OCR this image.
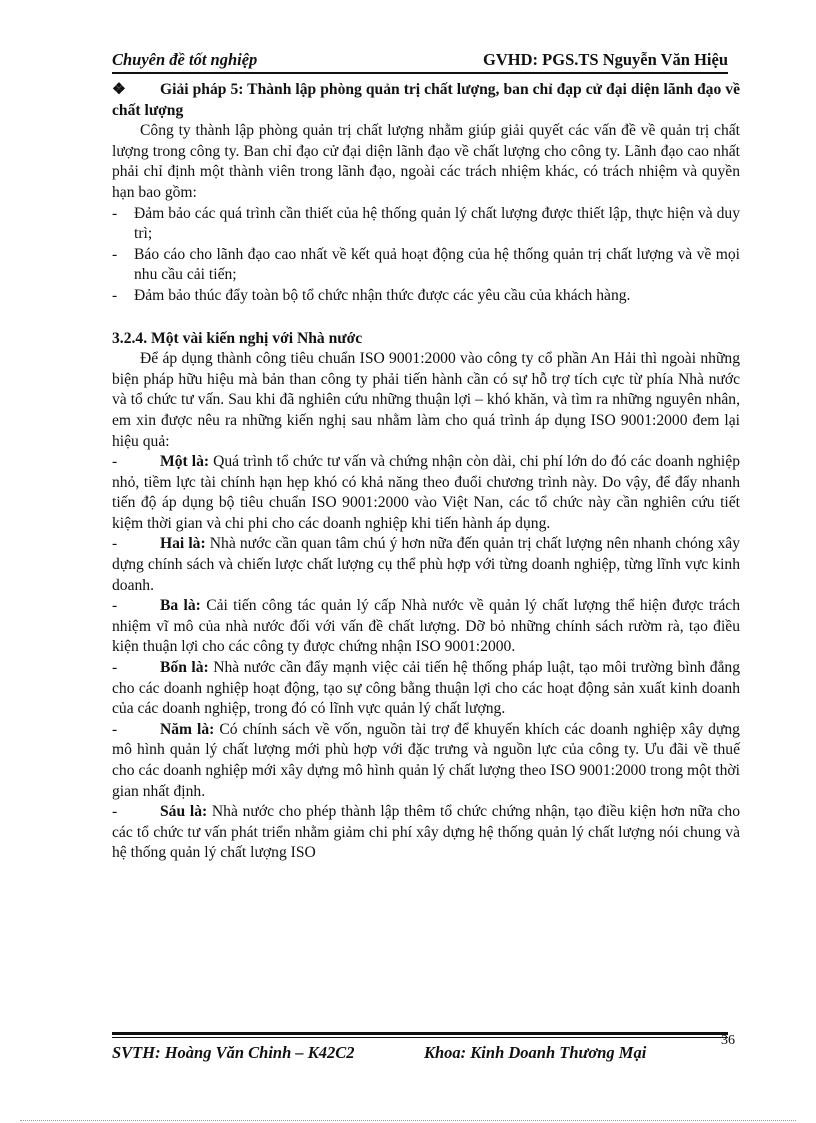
Chuyên đề tốt nghiệp	GVHD: PGS.TS Nguyễn Văn Hiệu

❖ Giải pháp 5: Thành lập phòng quản trị chất lượng, ban chỉ đạp cử đại diện lãnh đạo về chất lượng

Công ty thành lập phòng quản trị chất lượng nhằm giúp giải quyết các vấn đề về quản trị chất lượng trong công ty. Ban chỉ đạo cử đại diện lãnh đạo về chất lượng cho công ty. Lãnh đạo cao nhất phải chỉ định một thành viên trong lãnh đạo, ngoài các trách nhiệm khác, có trách nhiệm và quyền hạn bao gồm:

-	Đảm bảo các quá trình cần thiết của hệ thống quản lý chất lượng được thiết lập, thực hiện và duy trì;
-	Báo cáo cho lãnh đạo cao nhất về kết quả hoạt động của hệ thống quản trị chất lượng và về mọi nhu cầu cải tiến;
-	Đảm bảo thúc đẩy toàn bộ tổ chức nhận thức được các yêu cầu của khách hàng.

3.2.4. Một vài kiến nghị với Nhà nước

Để áp dụng thành công tiêu chuẩn ISO 9001:2000 vào công ty cổ phần An Hải thì ngoài những biện pháp hữu hiệu mà bản than công ty phải tiến hành cần có sự hỗ trợ tích cực từ phía Nhà nước và tổ chức tư vấn. Sau khi đã nghiên cứu những thuận lợi – khó khăn, và tìm ra những nguyên nhân, em xin được nêu ra những kiến nghị sau nhằm làm cho quá trình áp dụng ISO 9001:2000 đem lại hiệu quả:

-	Một là: Quá trình tổ chức tư vấn và chứng nhận còn dài, chi phí lớn do đó các doanh nghiệp nhỏ, tiềm lực tài chính hạn hẹp khó có khả năng theo đuổi chương trình này. Do vậy, để đẩy nhanh tiến độ áp dụng bộ tiêu chuẩn ISO 9001:2000 vào Việt Nan, các tổ chức này cần nghiên cứu tiết kiệm thời gian và chi phi cho các doanh nghiệp khi tiến hành áp dụng.

-	Hai là: Nhà nước cần quan tâm chú ý hơn nữa đến quản trị chất lượng nên nhanh chóng xây dựng chính sách và chiến lược chất lượng cụ thể phù hợp với từng doanh nghiệp, từng lĩnh vực kinh doanh.

-	Ba là: Cải tiến công tác quản lý cấp Nhà nước về quản lý chất lượng thể hiện được trách nhiệm vĩ mô của nhà nước đối với vấn đề chất lượng. Dỡ bỏ những chính sách rườm rà, tạo điều kiện thuận lợi cho các công ty được chứng nhận ISO 9001:2000.

-	Bốn là: Nhà nước cần đẩy mạnh việc cải tiến hệ thống pháp luật, tạo môi trường bình đẳng cho các doanh nghiệp hoạt động, tạo sự công bằng thuận lợi cho các hoạt động sản xuất kinh doanh của các doanh nghiệp, trong đó có lĩnh vực quản lý chất lượng.

-	Năm là: Có chính sách về vốn, nguồn tài trợ để khuyến khích các doanh nghiệp xây dựng mô hình quản lý chất lượng mới phù hợp với đặc trưng và nguồn lực của công ty. Ưu đãi về thuế cho các doanh nghiệp mới xây dựng mô hình quản lý chất lượng theo ISO 9001:2000 trong một thời gian nhất định.

-	Sáu là: Nhà nước cho phép thành lập thêm tổ chức chứng nhận, tạo điều kiện hơn nữa cho các tổ chức tư vấn phát triển nhằm giảm chi phí xây dựng hệ thống quản lý chất lượng nói chung và hệ thống quản lý chất lượng ISO

SVTH: Hoàng Văn Chinh – K42C2	Khoa: Kinh Doanh Thương Mại
36
